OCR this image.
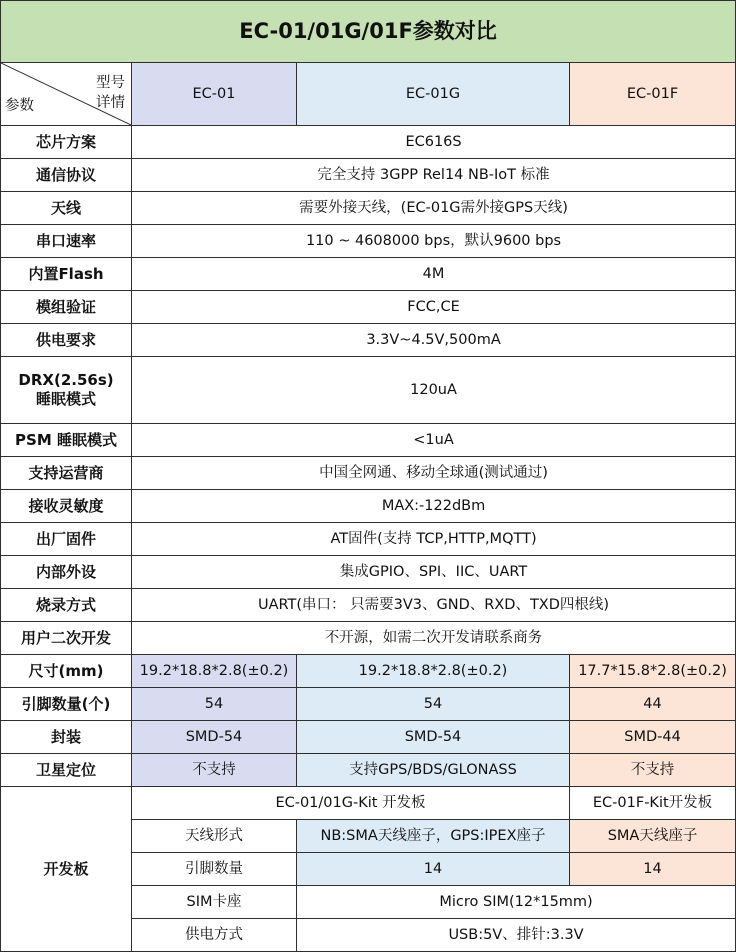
EC-01/01G/01F参数对比			

型号
详情
参数	EC-01	EC-01G	EC-01F
芯片方案	EC616S		
通信协议	完全支持 3GPP Rel14 NB-IoT 标准		
天线	需要外接天线，(EC-01G需外接GPS天线)		
串口速率	110 ~ 4608000 bps，默认9600 bps		
内置Flash	4M		
模组验证	FCC,CE		
供电要求	3.3V~4.5V,500mA		
DRX(2.56s)
睡眠模式	120uA		
PSM 睡眠模式	<1uA		
支持运营商	中国全网通、移动全球通(测试通过)		
接收灵敏度	MAX:-122dBm		
出厂固件	AT固件(支持 TCP,HTTP,MQTT)		
内部外设	集成GPIO、SPI、IIC、UART		
烧录方式	UART(串口： 只需要3V3、GND、RXD、TXD四根线)		
用户二次开发	不开源，如需二次开发请联系商务		
尺寸(mm)	19.2*18.8*2.8(±0.2)	19.2*18.8*2.8(±0.2)	17.7*15.8*2.8(±0.2)
引脚数量(个)	54	54	44
封装	SMD-54	SMD-54	SMD-44
卫星定位	不支持	支持GPS/BDS/GLONASS	不支持
开发板	EC-01/01G-Kit 开发板		EC-01F-Kit开发板
	天线形式	NB:SMA天线座子，GPS:IPEX座子	SMA天线座子
	引脚数量	14	14
	SIM卡座	Micro SIM(12*15mm)	
	供电方式	USB:5V、排针:3.3V	
